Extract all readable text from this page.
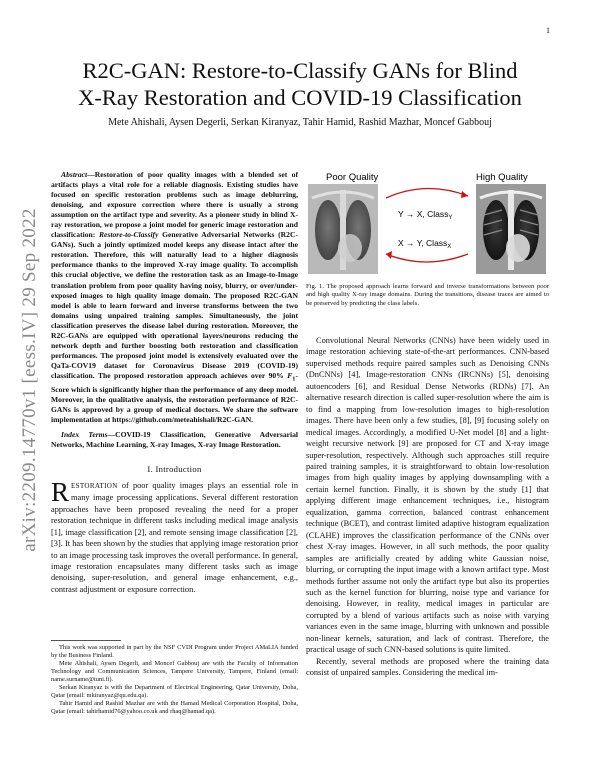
1
arXiv:2209.14770v1 [eess.IV] 29 Sep 2022
R2C-GAN: Restore-to-Classify GANs for Blind
X-Ray Restoration and COVID-19 Classification
Mete Ahishali, Aysen Degerli, Serkan Kiranyaz, Tahir Hamid, Rashid Mazhar, Moncef Gabbouj

Abstract—Restoration of poor quality images with a blended set of artifacts plays a vital role for a reliable diagnosis. Existing studies have focused on specific restoration problems such as image deblurring, denoising, and exposure correction where there is usually a strong assumption on the artifact type and severity. As a pioneer study in blind X-ray restoration, we propose a joint model for generic image restoration and classification: Restore-to-Classify Generative Adversarial Networks (R2C-GANs). Such a jointly optimized model keeps any disease intact after the restoration. Therefore, this will naturally lead to a higher diagnosis performance thanks to the improved X-ray image quality. To accomplish this crucial objective, we define the restoration task as an Image-to-Image translation problem from poor quality having noisy, blurry, or over/under-exposed images to high quality image domain. The proposed R2C-GAN model is able to learn forward and inverse transforms between the two domains using unpaired training samples. Simultaneously, the joint classification preserves the disease label during restoration. Moreover, the R2C-GANs are equipped with operational layers/neurons reducing the network depth and further boosting both restoration and classification performances. The proposed joint model is extensively evaluated over the QaTa-COV19 dataset for Coronavirus Disease 2019 (COVID-19) classification. The proposed restoration approach achieves over 90% $F_1$-Score which is significantly higher than the performance of any deep model. Moreover, in the qualitative analysis, the restoration performance of R2C-GANs is approved by a group of medical doctors. We share the software implementation at https://github.com/meteahishali/R2C-GAN.

Index Terms—COVID-19 Classification, Generative Adversarial Networks, Machine Learning, X-ray Images, X-ray Image Restoration.

I. Introduction

RESTORATION of poor quality images plays an essential role in many image processing applications. Several different restoration approaches have been proposed revealing the need for a proper restoration technique in different tasks including medical image analysis [1], image classification [2], and remote sensing image classification [2], [3]. It has been shown by the studies that applying image restoration prior to an image processing task improves the overall performance. In general, image restoration encapsulates many different tasks such as image denoising, super-resolution, and general image enhancement, e.g., contrast adjustment or exposure correction.

This work was supported in part by the NSF CVDI Program under Project AMaLIA funded by the Business Finland.

Mete Ahishali, Aysen Degerli, and Moncef Gabbouj are with the Faculty of Information Technology and Communication Sciences, Tampere University, Tampere, Finland (email: name.surname@tuni.fi).

Serkan Kiranyaz is with the Department of Electrical Engineering, Qatar University, Doha, Qatar (email: mkiranyaz@qu.edu.qa).

Tahir Hamid and Rashid Mazhar are with the Hamad Medical Corporation Hospital, Doha, Qatar (email: tahirhamid76@yahoo.co.uk and rhaq@hamad.qa).

Poor Quality	High Quality
Y → X, Class$_Y$
X → Y, Class$_X$
Fig. 1. The proposed approach learns forward and inverse transformations between poor and high quality X-ray image domains. During the transitions, disease traces are aimed to be preserved by predicting the class labels.

Convolutional Neural Networks (CNNs) have been widely used in image restoration achieving state-of-the-art performances. CNN-based supervised methods require paired samples such as Denoising CNNs (DnCNNs) [4], Image-restoration CNNs (IRCNNs) [5], denoising autoencoders [6], and Residual Dense Networks (RDNs) [7]. An alternative research direction is called super-resolution where the aim is to find a mapping from low-resolution images to high-resolution images. There have been only a few studies, [8], [9] focusing solely on medical images. Accordingly, a modified U-Net model [8] and a light-weight recursive network [9] are proposed for CT and X-ray image super-resolution, respectively. Although such approaches still require paired training samples, it is straightforward to obtain low-resolution images from high quality images by applying downsampling with a certain kernel function. Finally, it is shown by the study [1] that applying different image enhancement techniques, i.e., histogram equalization, gamma correction, balanced contrast enhancement technique (BCET), and contrast limited adaptive histogram equalization (CLAHE) improves the classification performance of the CNNs over chest X-ray images. However, in all such methods, the poor quality samples are artificially created by adding white Gaussian noise, blurring, or corrupting the input image with a known artifact type. Most methods further assume not only the artifact type but also its properties such as the kernel function for blurring, noise type and variance for denoising. However, in reality, medical images in particular are corrupted by a blend of various artifacts such as noise with varying variances even in the same image, blurring with unknown and possible non-linear kernels, saturation, and lack of contrast. Therefore, the practical usage of such CNN-based solutions is quite limited.

Recently, several methods are proposed where the training data consist of unpaired samples. Considering the medical im-
